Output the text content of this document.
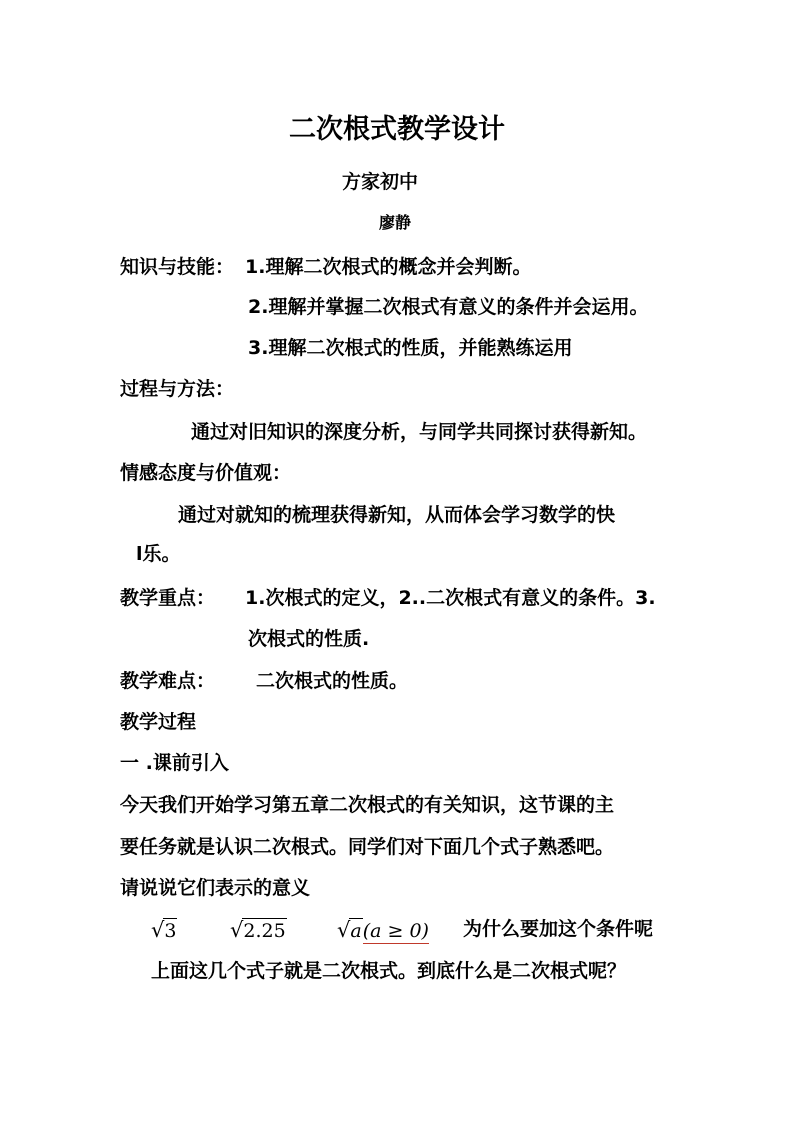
二次根式教学设计
方家初中
廖静
知识与技能： 1.理解二次根式的概念并会判断。
2.理解并掌握二次根式有意义的条件并会运用。
3.理解二次根式的性质，并能熟练运用
过程与方法：
通过对旧知识的深度分析，与同学共同探讨获得新知。
情感态度与价值观：
通过对就知的梳理获得新知，从而体会学习数学的快
l乐。
教学重点： 1.次根式的定义，2..二次根式有意义的条件。3.
次根式的性质.
教学难点： 二次根式的性质。
教学过程
一 .课前引入
今天我们开始学习第五章二次根式的有关知识，这节课的主
要任务就是认识二次根式。同学们对下面几个式子熟悉吧。
请说说它们表示的意义
√3	√2.25 √a(a ≥ 0) 为什么要加这个条件呢
上面这几个式子就是二次根式。到底什么是二次根式呢？
